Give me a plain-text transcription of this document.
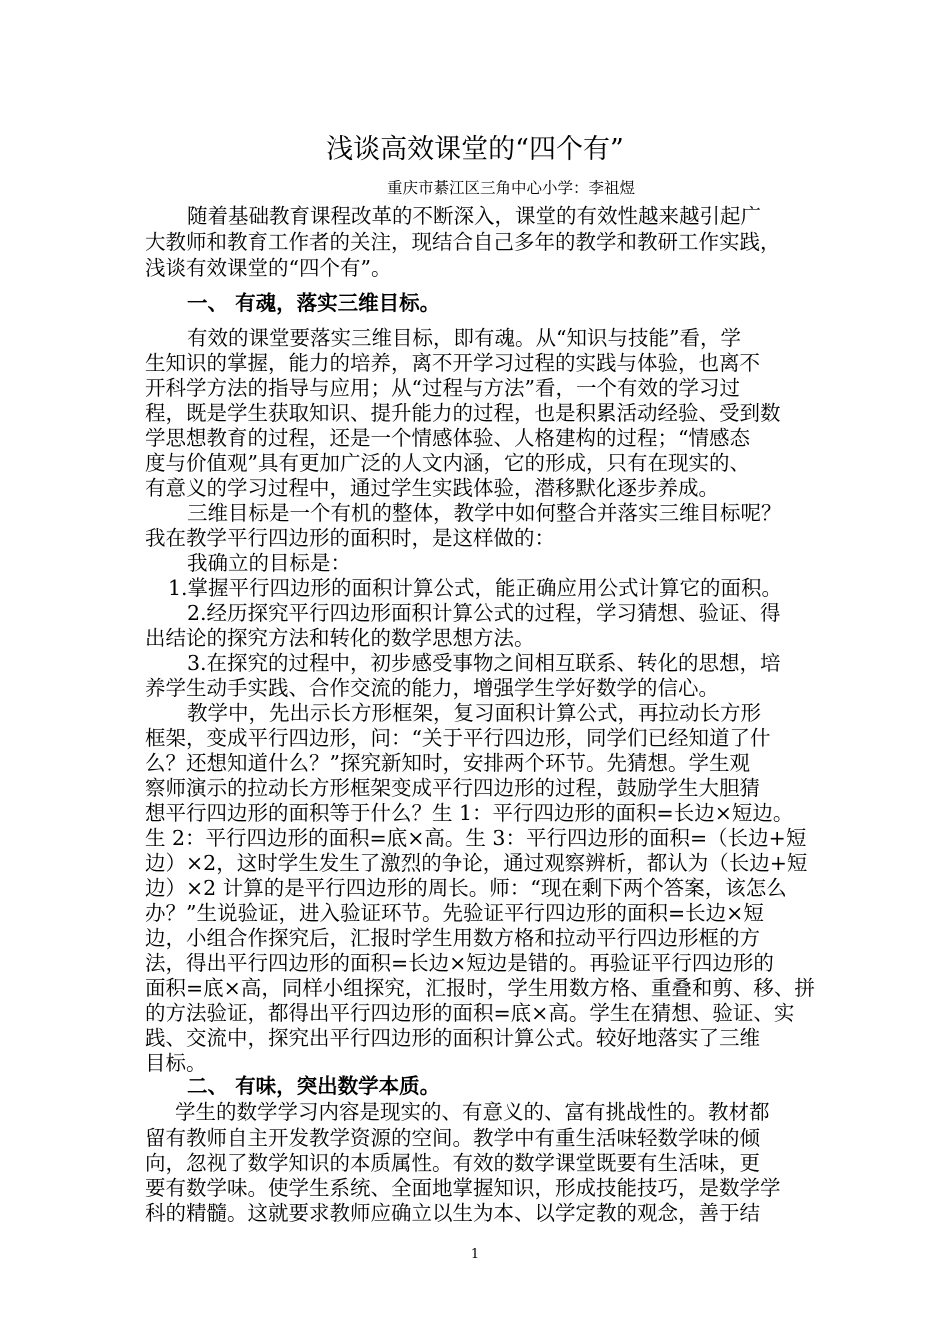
浅谈高效课堂的“四个有”
重庆市綦江区三角中心小学：李祖煜
随着基础教育课程改革的不断深入，课堂的有效性越来越引起广
大教师和教育工作者的关注，现结合自己多年的教学和教研工作实践，
浅谈有效课堂的“四个有”。
一、 有魂，落实三维目标。
有效的课堂要落实三维目标，即有魂。从“知识与技能”看，学
生知识的掌握，能力的培养，离不开学习过程的实践与体验，也离不
开科学方法的指导与应用；从“过程与方法”看，一个有效的学习过
程，既是学生获取知识、提升能力的过程，也是积累活动经验、受到数
学思想教育的过程，还是一个情感体验、人格建构的过程；“情感态
度与价值观”具有更加广泛的人文内涵，它的形成，只有在现实的、
有意义的学习过程中，通过学生实践体验，潜移默化逐步养成。
三维目标是一个有机的整体，教学中如何整合并落实三维目标呢？
我在教学平行四边形的面积时，是这样做的：
我确立的目标是：
1.掌握平行四边形的面积计算公式，能正确应用公式计算它的面积。
2.经历探究平行四边形面积计算公式的过程，学习猜想、验证、得
出结论的探究方法和转化的数学思想方法。
3.在探究的过程中，初步感受事物之间相互联系、转化的思想，培
养学生动手实践、合作交流的能力，增强学生学好数学的信心。
教学中，先出示长方形框架，复习面积计算公式，再拉动长方形
框架，变成平行四边形，问：“关于平行四边形，同学们已经知道了什
么？还想知道什么？”探究新知时，安排两个环节。先猜想。学生观
察师演示的拉动长方形框架变成平行四边形的过程，鼓励学生大胆猜
想平行四边形的面积等于什么？生 1：平行四边形的面积=长边×短边。
生 2：平行四边形的面积=底×高。生 3：平行四边形的面积=（长边+短
边）×2，这时学生发生了激烈的争论，通过观察辨析，都认为（长边+短
边）×2 计算的是平行四边形的周长。师：“现在剩下两个答案，该怎么
办？”生说验证，进入验证环节。先验证平行四边形的面积=长边×短
边，小组合作探究后，汇报时学生用数方格和拉动平行四边形框的方
法，得出平行四边形的面积=长边×短边是错的。再验证平行四边形的
面积=底×高，同样小组探究，汇报时，学生用数方格、重叠和剪、移、拼
的方法验证，都得出平行四边形的面积=底×高。学生在猜想、验证、实
践、交流中，探究出平行四边形的面积计算公式。较好地落实了三维
目标。
二、 有味，突出数学本质。
学生的数学学习内容是现实的、有意义的、富有挑战性的。教材都
留有教师自主开发教学资源的空间。教学中有重生活味轻数学味的倾
向，忽视了数学知识的本质属性。有效的数学课堂既要有生活味，更
要有数学味。使学生系统、全面地掌握知识，形成技能技巧，是数学学
科的精髓。这就要求教师应确立以生为本、以学定教的观念，善于结
1
